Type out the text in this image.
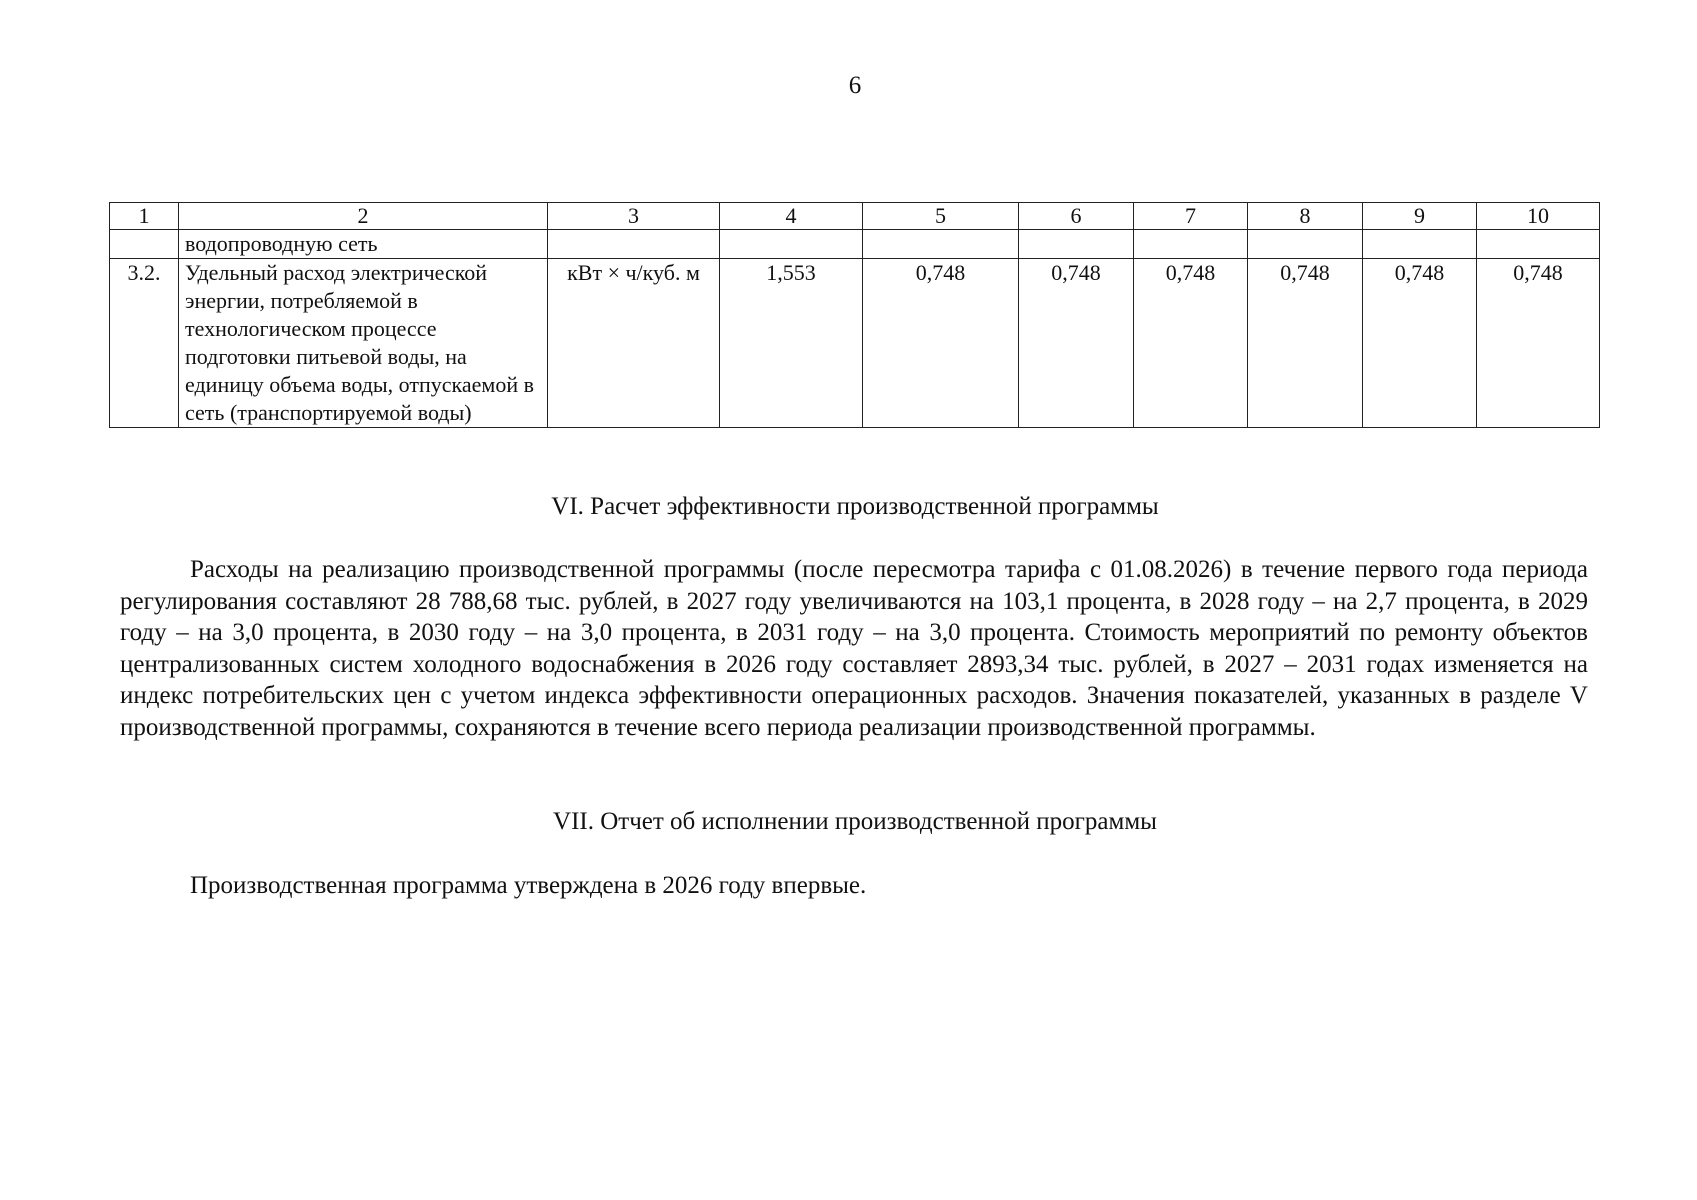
6
1	2	3	4	5	6	7	8	9	10
	водопроводную сеть								
3.2.	Удельный расход электрической энергии, потребляемой в технологическом процессе подготовки питьевой воды, на единицу объема воды, отпускаемой в сеть (транспортируемой воды)	кВт × ч/куб. м	1,553	0,748	0,748	0,748	0,748	0,748	0,748
VI. Расчет эффективности производственной программы
Расходы на реализацию производственной программы (после пересмотра тарифа с 01.08.2026) в течение первого года периода регулирования составляют 28 788,68 тыс. рублей, в 2027 году увеличиваются на 103,1 процента, в 2028 году – на 2,7 процента, в 2029 году – на 3,0 процента, в 2030 году – на 3,0 процента, в 2031 году – на 3,0 процента. Стоимость мероприятий по ремонту объектов централизованных систем холодного водоснабжения в 2026 году составляет 2893,34 тыс. рублей, в 2027 – 2031 годах изменяется на индекс потребительских цен с учетом индекса эффективности операционных расходов. Значения показателей, указанных в разделе V производственной программы, сохраняются в течение всего периода реализации производственной программы.
VII. Отчет об исполнении производственной программы
Производственная программа утверждена в 2026 году впервые.
